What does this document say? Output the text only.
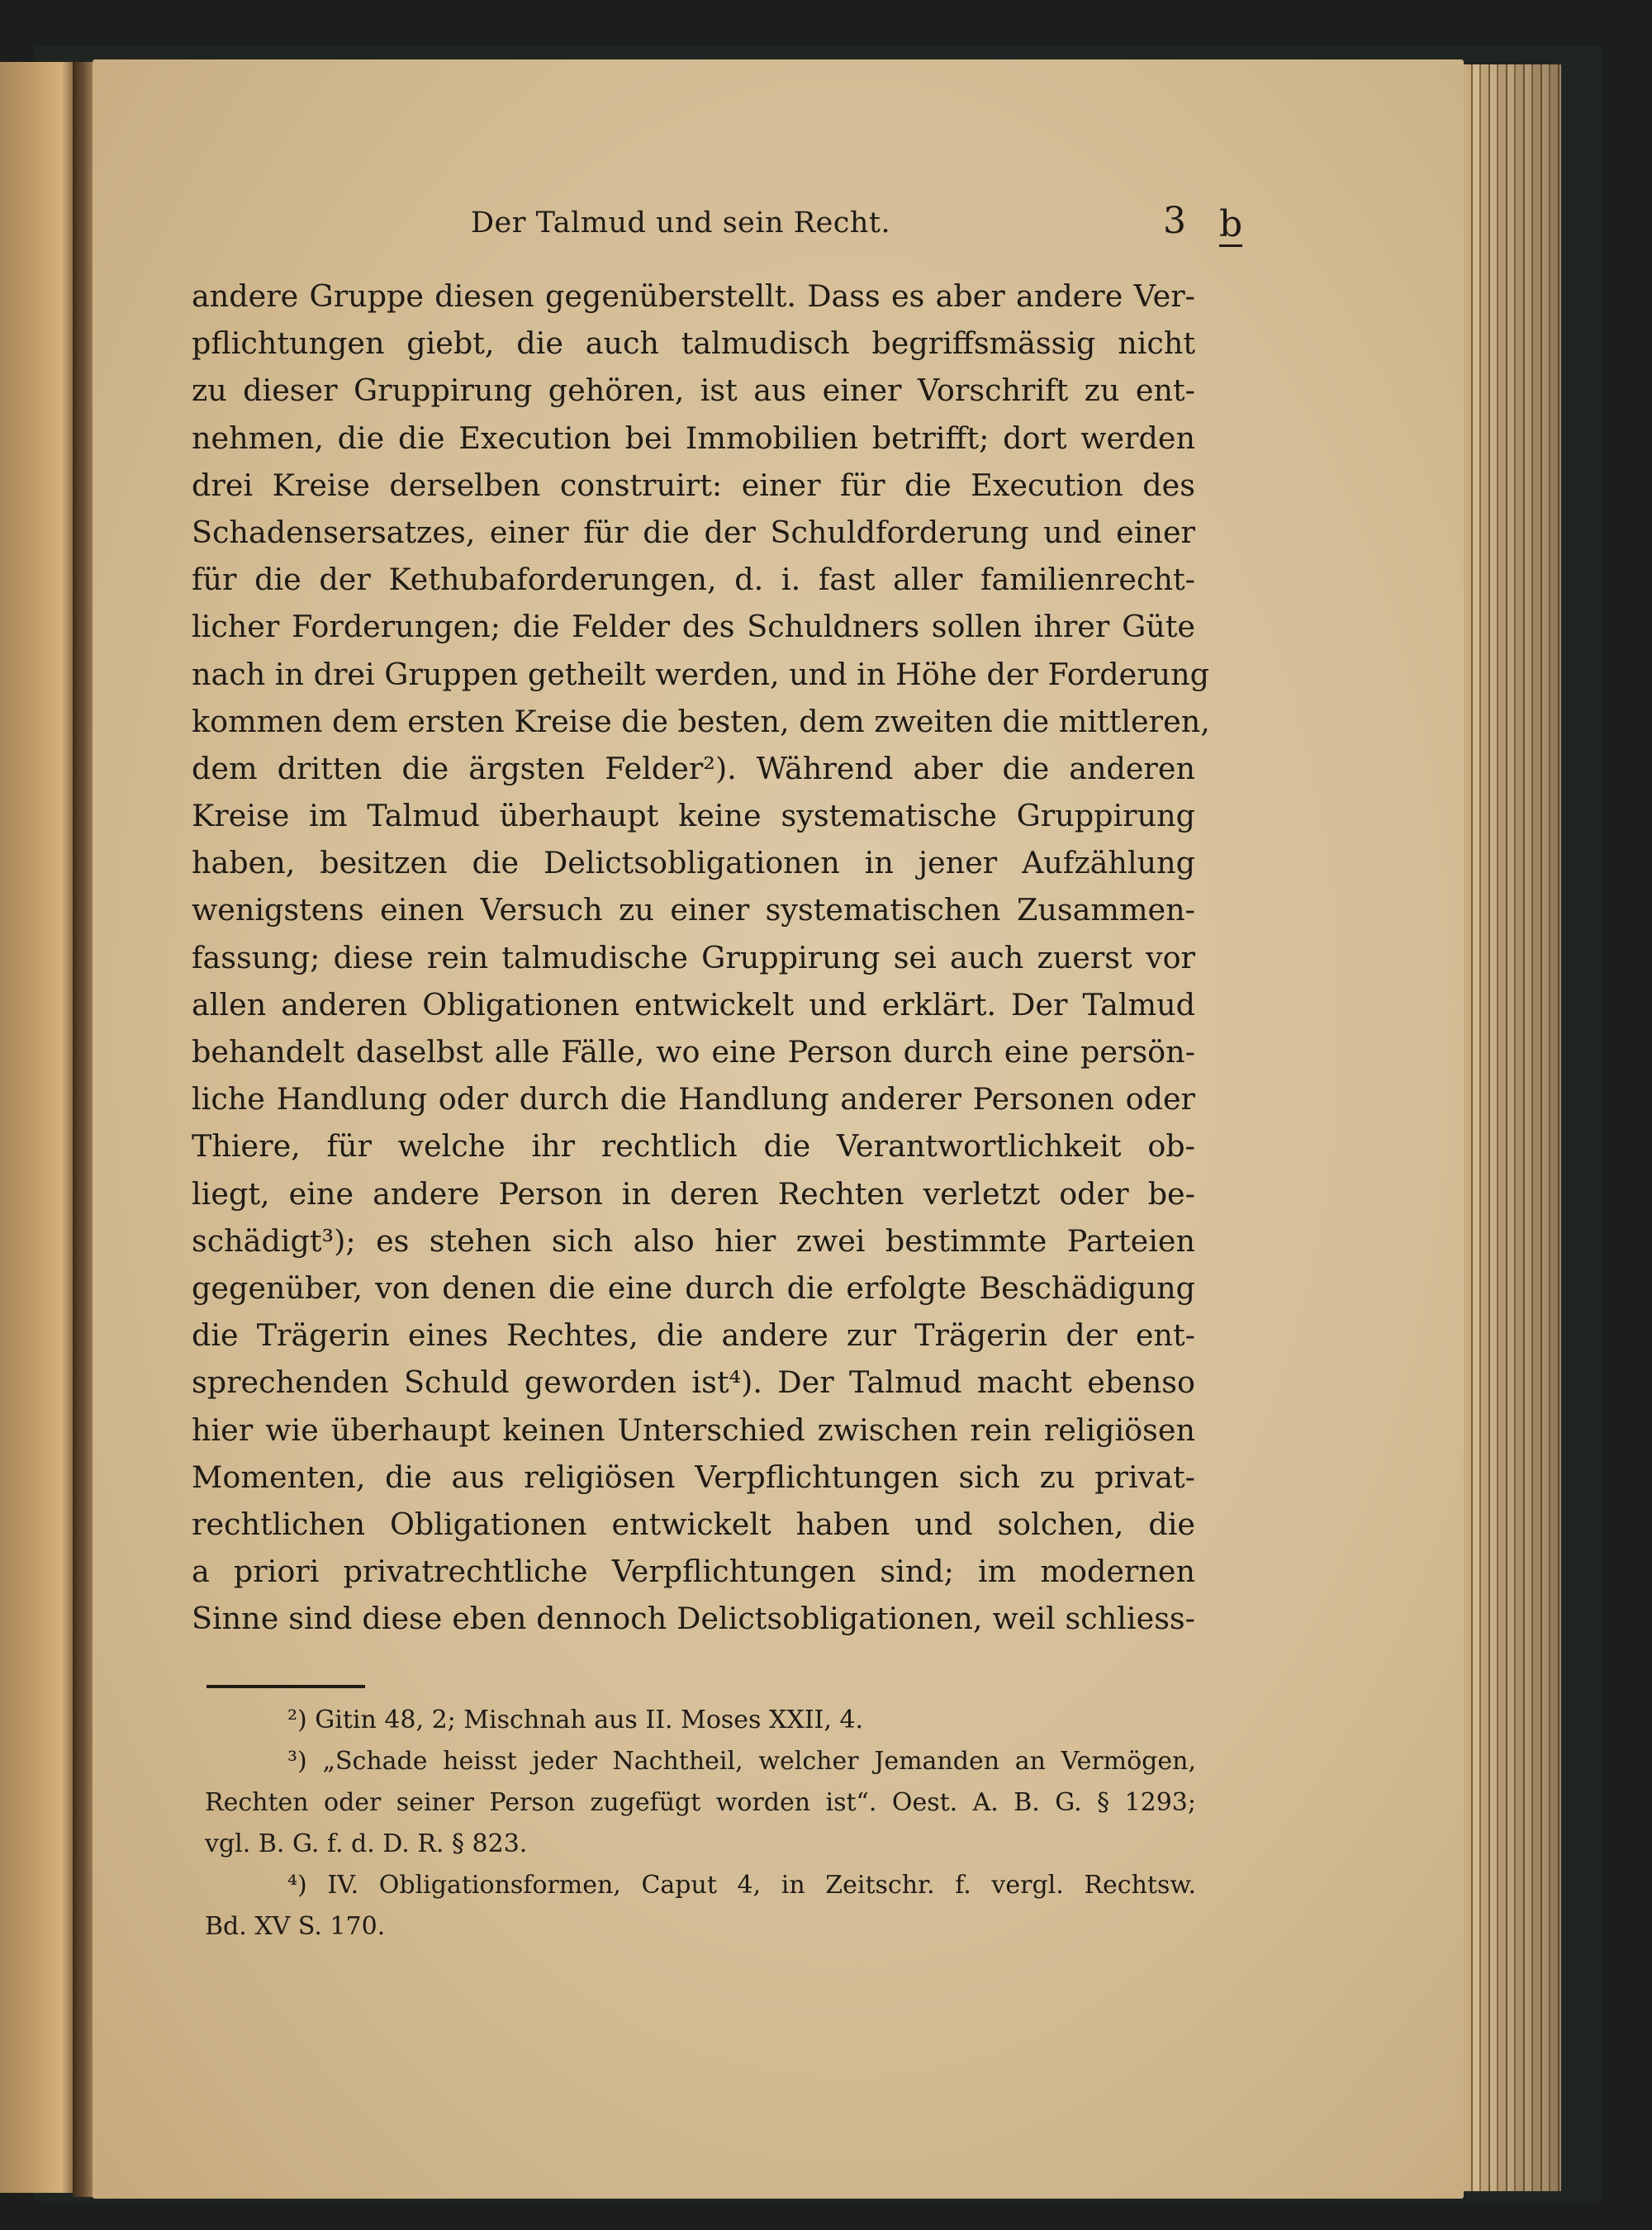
Der Talmud und sein Recht.	3 b
andere Gruppe diesen gegenüberstellt. Dass es aber andere Ver-
pflichtungen giebt, die auch talmudisch begriffsmässig nicht
zu dieser Gruppirung gehören, ist aus einer Vorschrift zu ent-
nehmen, die die Execution bei Immobilien betrifft; dort werden
drei Kreise derselben construirt: einer für die Execution des
Schadensersatzes, einer für die der Schuldforderung und einer
für die der Kethubaforderungen, d. i. fast aller familienrecht-
licher Forderungen; die Felder des Schuldners sollen ihrer Güte
nach in drei Gruppen getheilt werden, und in Höhe der Forderung
kommen dem ersten Kreise die besten, dem zweiten die mittleren,
dem dritten die ärgsten Felder²). Während aber die anderen
Kreise im Talmud überhaupt keine systematische Gruppirung
haben, besitzen die Delictsobligationen in jener Aufzählung
wenigstens einen Versuch zu einer systematischen Zusammen-
fassung; diese rein talmudische Gruppirung sei auch zuerst vor
allen anderen Obligationen entwickelt und erklärt. Der Talmud
behandelt daselbst alle Fälle, wo eine Person durch eine persön-
liche Handlung oder durch die Handlung anderer Personen oder
Thiere, für welche ihr rechtlich die Verantwortlichkeit ob-
liegt, eine andere Person in deren Rechten verletzt oder be-
schädigt³); es stehen sich also hier zwei bestimmte Parteien
gegenüber, von denen die eine durch die erfolgte Beschädigung
die Trägerin eines Rechtes, die andere zur Trägerin der ent-
sprechenden Schuld geworden ist⁴). Der Talmud macht ebenso
hier wie überhaupt keinen Unterschied zwischen rein religiösen
Momenten, die aus religiösen Verpflichtungen sich zu privat-
rechtlichen Obligationen entwickelt haben und solchen, die
a priori privatrechtliche Verpflichtungen sind; im modernen
Sinne sind diese eben dennoch Delictsobligationen, weil schliess-
²) Gitin 48, 2; Mischnah aus II. Moses XXII, 4.
³) „Schade heisst jeder Nachtheil, welcher Jemanden an Vermögen,
Rechten oder seiner Person zugefügt worden ist“. Oest. A. B. G. § 1293;
vgl. B. G. f. d. D. R. § 823.
⁴) IV. Obligationsformen, Caput 4, in Zeitschr. f. vergl. Rechtsw.
Bd. XV S. 170.
